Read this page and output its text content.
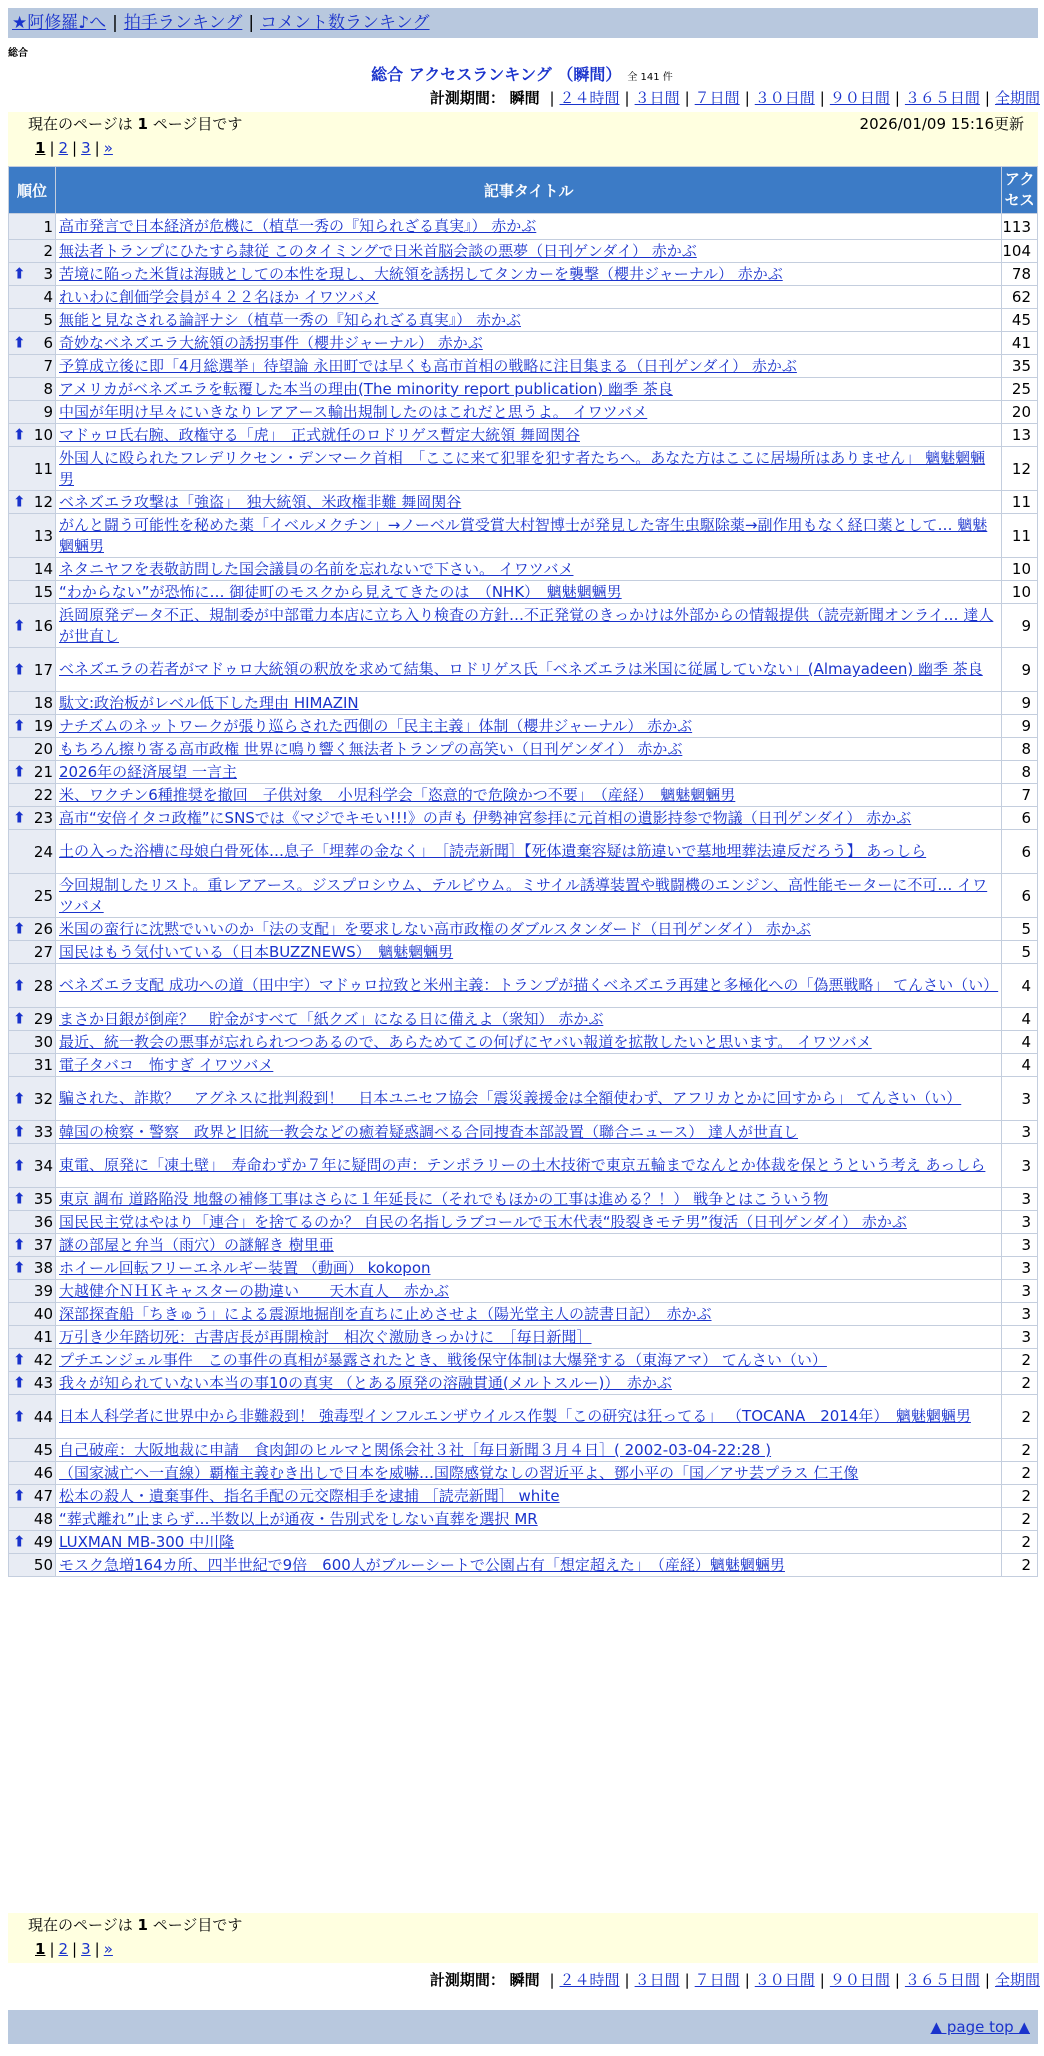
★阿修羅♪へ | 拍手ランキング | コメント数ランキング
総合
総合 アクセスランキング （瞬間） 全 141 件
計測期間： 瞬間 | ２４時間 | ３日間 | ７日間 | ３０日間 | ９０日間 | ３６５日間 | 全期間
現在のページは 1 ページ目です	2026/01/09 15:16更新
1 | 2 | 3 | »
順位	記事タイトル	アクセス
1	高市発言で日本経済が危機に（植草一秀の『知られざる真実』） 赤かぶ	113
2	無法者トランプにひたすら隷従 このタイミングで日米首脳会談の悪夢（日刊ゲンダイ） 赤かぶ	104

⬆ 3	苦境に陥った米貨は海賊としての本性を現し、大統領を誘拐してタンカーを襲撃（櫻井ジャーナル） 赤かぶ	78
4	れいわに創価学会員が４２２名ほか イワツバメ	62
5	無能と見なされる論評ナシ（植草一秀の『知られざる真実』） 赤かぶ	45

⬆ 6	奇妙なベネズエラ大統領の誘拐事件（櫻井ジャーナル） 赤かぶ	41
7	予算成立後に即「4月総選挙」待望論 永田町では早くも高市首相の戦略に注目集まる（日刊ゲンダイ） 赤かぶ	35
8	アメリカがベネズエラを転覆した本当の理由(The minority report publication) 幽季 茶良	25
9	中国が年明け早々にいきなりレアアース輸出規制したのはこれだと思うよ。 イワツバメ	20

⬆ 10	マドゥロ氏右腕、政権守る「虎」　正式就任のロドリゲス暫定大統領 舞岡関谷	13
11	外国人に殴られたフレデリクセン・デンマーク首相　「ここに来て犯罪を犯す者たちへ。あなた方はここに居場所はありません」 魑魅魍魎男	12

⬆ 12	ベネズエラ攻撃は「強盗」　独大統領、米政権非難 舞岡関谷	11
13	がんと闘う可能性を秘めた薬「イベルメクチン」→ノーベル賞受賞大村智博士が発見した寄生虫駆除薬→副作用もなく経口薬として… 魑魅魍魎男	11
14	ネタニヤフを表敬訪問した国会議員の名前を忘れないで下さい。 イワツバメ	10
15	“わからない”が恐怖に… 御徒町のモスクから見えてきたのは　（NHK）　魑魅魍魎男	10

⬆ 16	浜岡原発データ不正、規制委が中部電力本店に立ち入り検査の方針…不正発覚のきっかけは外部からの情報提供（読売新聞オンライ… 達人が世直し	9

⬆ 17	ベネズエラの若者がマドゥロ大統領の釈放を求めて結集、ロドリゲス氏「ベネズエラは米国に従属していない」(Almayadeen) 幽季 茶良	9
18	駄文:政治板がレベル低下した理由 HIMAZIN	9

⬆ 19	ナチズムのネットワークが張り巡らされた西側の「民主主義」体制（櫻井ジャーナル） 赤かぶ	9
20	もちろん擦り寄る高市政権 世界に鳴り響く無法者トランプの高笑い（日刊ゲンダイ） 赤かぶ	8

⬆ 21	2026年の経済展望 一言主	8
22	米、ワクチン6種推奨を撤回　子供対象　小児科学会「恣意的で危険かつ不要」　（産経）　魑魅魍魎男	7

⬆ 23	高市“安倍イタコ政権”にSNSでは《マジでキモい!!!》の声も 伊勢神宮参拝に元首相の遺影持参で物議（日刊ゲンダイ） 赤かぶ	6
24	土の入った浴槽に母娘白骨死体…息子「埋葬の金なく」　［読売新聞］【死体遺棄容疑は筋違いで墓地埋葬法違反だろう】 あっしら	6
25	今回規制したリスト。重レアアース。ジスプロシウム、テルビウム。ミサイル誘導装置や戦闘機のエンジン、高性能モーターに不可… イワツバメ	6

⬆ 26	米国の蛮行に沈黙でいいのか「法の支配」を要求しない高市政権のダブルスタンダード（日刊ゲンダイ） 赤かぶ	5
27	国民はもう気付いている（日本BUZZNEWS）　魑魅魍魎男	5

⬆ 28	ベネズエラ支配 成功への道（田中宇）マドゥロ拉致と米州主義：トランプが描くベネズエラ再建と多極化への「偽悪戦略」 てんさい（い）	4

⬆ 29	まさか日銀が倒産？　貯金がすべて「紙クズ」になる日に備えよ（衆知） 赤かぶ	4
30	最近、統一教会の悪事が忘れられつつあるので、あらためてこの何げにヤバい報道を拡散したいと思います。 イワツバメ	4
31	電子タバコ　怖すぎ イワツバメ	4

⬆ 32	騙された、詐欺？　アグネスに批判殺到！　日本ユニセフ協会「震災義援金は全額使わず、アフリカとかに回すから」 てんさい（い）	3

⬆ 33	韓国の検察・警察　政界と旧統一教会などの癒着疑惑調べる合同捜査本部設置（聯合ニュース） 達人が世直し	3

⬆ 34	東電、原発に「凍土壁」　寿命わずか７年に疑問の声：テンポラリーの土木技術で東京五輪までなんとか体裁を保とうという考え あっしら	3

⬆ 35	東京 調布 道路陥没 地盤の補修工事はさらに１年延長に（それでもほかの工事は進める？！） 戦争とはこういう物	3
36	国民民主党はやはり「連合」を捨てるのか？ 自民の名指しラブコールで玉木代表“股裂きモテ男”復活（日刊ゲンダイ） 赤かぶ	3

⬆ 37	謎の部屋と弁当（雨穴）の謎解き 樹里亜	3

⬆ 38	ホイール回転フリーエネルギー装置 （動画） kokopon	3
39	大越健介ＮＨＫキャスターの勘違い　　天木直人　赤かぶ	3
40	深部探査船「ちきゅう」による震源地掘削を直ちに止めさせよ（陽光堂主人の読書日記）　赤かぶ	3
41	万引き少年踏切死：古書店長が再開検討　相次ぐ激励きっかけに　［毎日新聞］	3

⬆ 42	プチエンジェル事件　この事件の真相が暴露されたとき、戦後保守体制は大爆発する（東海アマ） てんさい（い）	2

⬆ 43	我々が知られていない本当の事10の真実 （とある原発の溶融貫通(メルトスルー)）　赤かぶ	2

⬆ 44	日本人科学者に世界中から非難殺到！ 強毒型インフルエンザウイルス作製「この研究は狂ってる」 （TOCANA　2014年）　魑魅魍魎男	2
45	自己破産：大阪地裁に申請　食肉卸のヒルマと関係会社３社［毎日新聞３月４日］( 2002-03-04-22:28 )	2
46	（国家滅亡へ一直線）覇権主義むき出しで日本を威嚇…国際感覚なしの習近平よ、鄧小平の「国／アサ芸プラス 仁王像	2

⬆ 47	松本の殺人・遺棄事件、指名手配の元交際相手を逮捕 ［読売新聞］ white	2
48	“葬式離れ”止まらず…半数以上が通夜・告別式をしない直葬を選択 MR	2

⬆ 49	LUXMAN MB-300 中川隆	2
50	モスク急増164カ所、四半世紀で9倍　600人がブルーシートで公園占有「想定超えた」　（産経）魑魅魍魎男	2
現在のページは 1 ページ目です
1 | 2 | 3 | »
計測期間： 瞬間 | ２４時間 | ３日間 | ７日間 | ３０日間 | ９０日間 | ３６５日間 | 全期間
▲ page top ▲
